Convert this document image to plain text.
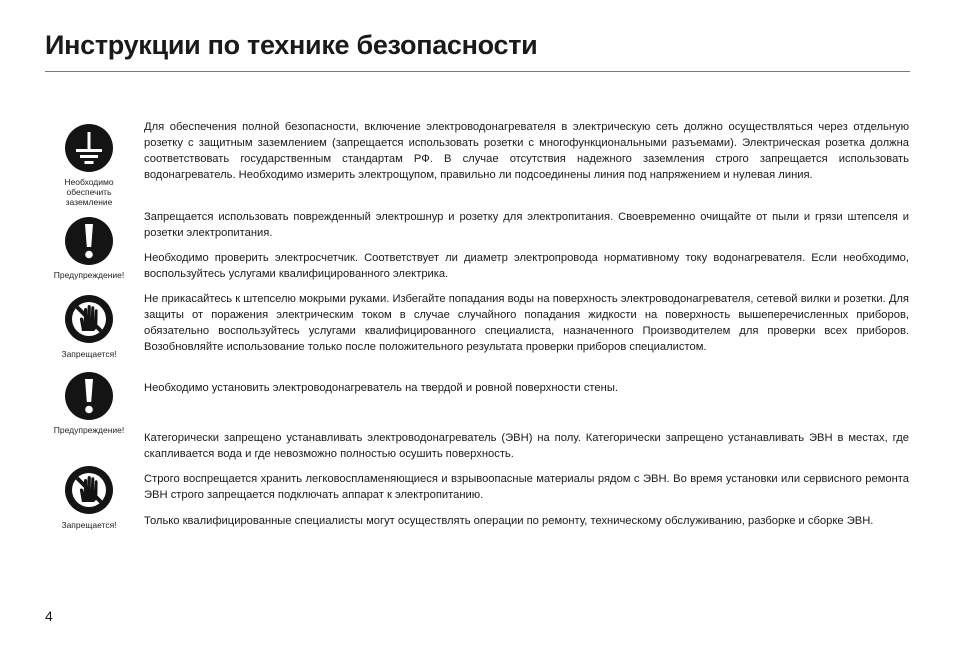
Инструкции по технике безопасности
Необходимо обеспечить заземление
Предупреждение!
Запрещается!
Предупреждение!
Запрещается!
Для обеспечения полной безопасности, включение электроводонагревателя в электрическую сеть должно осуществляться через отдельную розетку с защитным заземлением (запрещается использовать розетки с многофункциональными разъемами). Электрическая розетка должна соответствовать государственным стандартам РФ. В случае отсутствия надежного заземления строго запрещается использовать водонагреватель. Необходимо измерить электрощупом, правильно ли подсоединены линия под напряжением и нулевая линия.
Запрещается использовать поврежденный электрошнур и розетку для электропитания. Своевременно очищайте от пыли и грязи штепселя и розетки электропитания.
Необходимо проверить электросчетчик. Соответствует ли диаметр электропровода нормативному току водонагревателя. Если необходимо, воспользуйтесь услугами квалифицированного электрика.
Не прикасайтесь к штепселю мокрыми руками. Избегайте попадания воды на поверхность электроводонагревателя, сетевой вилки и розетки. Для защиты от поражения электрическим током в случае случайного попадания жидкости на поверхность вышеперечисленных приборов, обязательно воспользуйтесь услугами квалифицированного специалиста, назначенного Производителем для проверки всех приборов. Возобновляйте использование только после положительного результата проверки приборов специалистом.
Необходимо установить электроводонагреватель на твердой и ровной поверхности стены.
Категорически запрещено устанавливать электроводонагреватель (ЭВН) на полу. Категорически запрещено устанавливать ЭВН в местах, где скапливается вода и где невозможно полностью осушить поверхность.
Строго воспрещается хранить легковоспламеняющиеся и взрывоопасные материалы рядом с ЭВН. Во время установки или сервисного ремонта ЭВН строго запрещается подключать аппарат к электропитанию.
Только квалифицированные специалисты могут осуществлять операции по ремонту, техническому обслуживанию, разборке и сборке ЭВН.
4
